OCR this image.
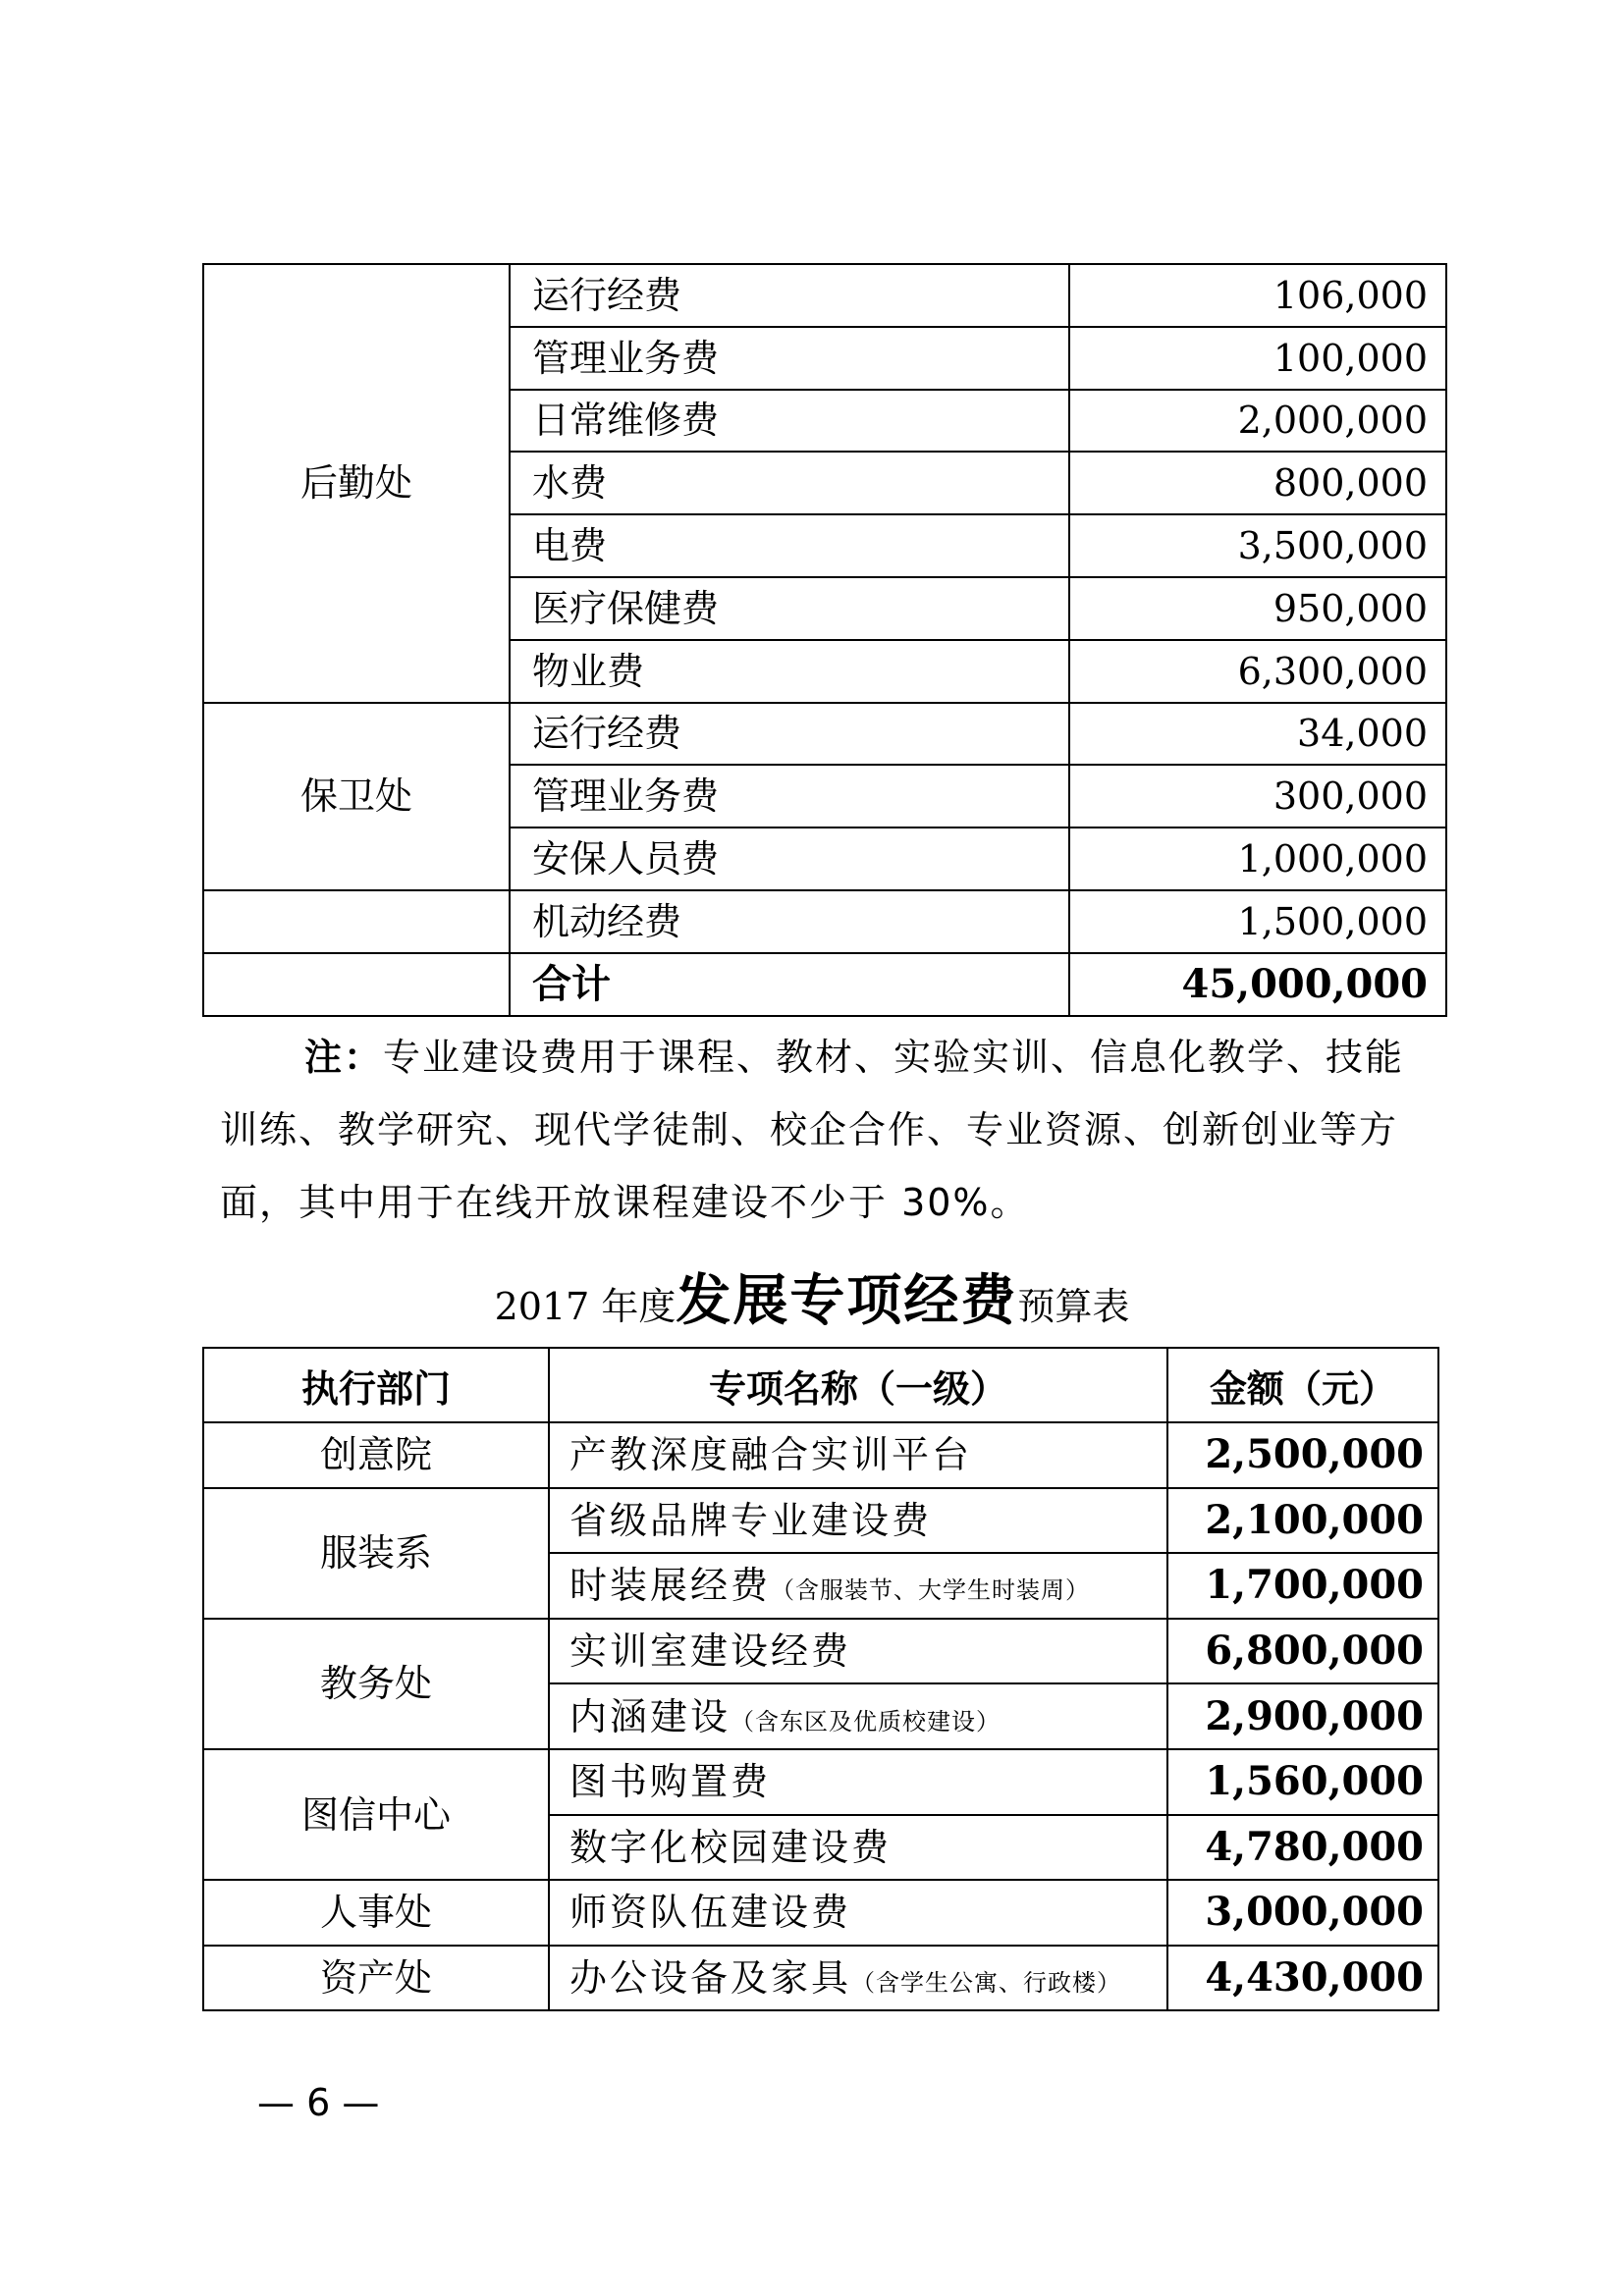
后勤处	运行经费	106,000
	管理业务费	100,000
	日常维修费	2,000,000
	水费	800,000
	电费	3,500,000
	医疗保健费	950,000
	物业费	6,300,000
保卫处	运行经费	34,000
	管理业务费	300,000
	安保人员费	1,000,000
	机动经费	1,500,000
	合计	45,000,000

注：专业建设费用于课程、教材、实验实训、信息化教学、技能训练、教学研究、现代学徒制、校企合作、专业资源、创新创业等方面，其中用于在线开放课程建设不少于 30%。

2017 年度发展专项经费预算表
执行部门	专项名称（一级）	金额（元）
创意院	产教深度融合实训平台	2,500,000
服装系	省级品牌专业建设费	2,100,000
	时装展经费（含服装节、大学生时装周）	1,700,000
教务处	实训室建设经费	6,800,000
	内涵建设（含东区及优质校建设）	2,900,000
图信中心	图书购置费	1,560,000
	数字化校园建设费	4,780,000
人事处	师资队伍建设费	3,000,000
资产处	办公设备及家具（含学生公寓、行政楼）	4,430,000
— 6 —
